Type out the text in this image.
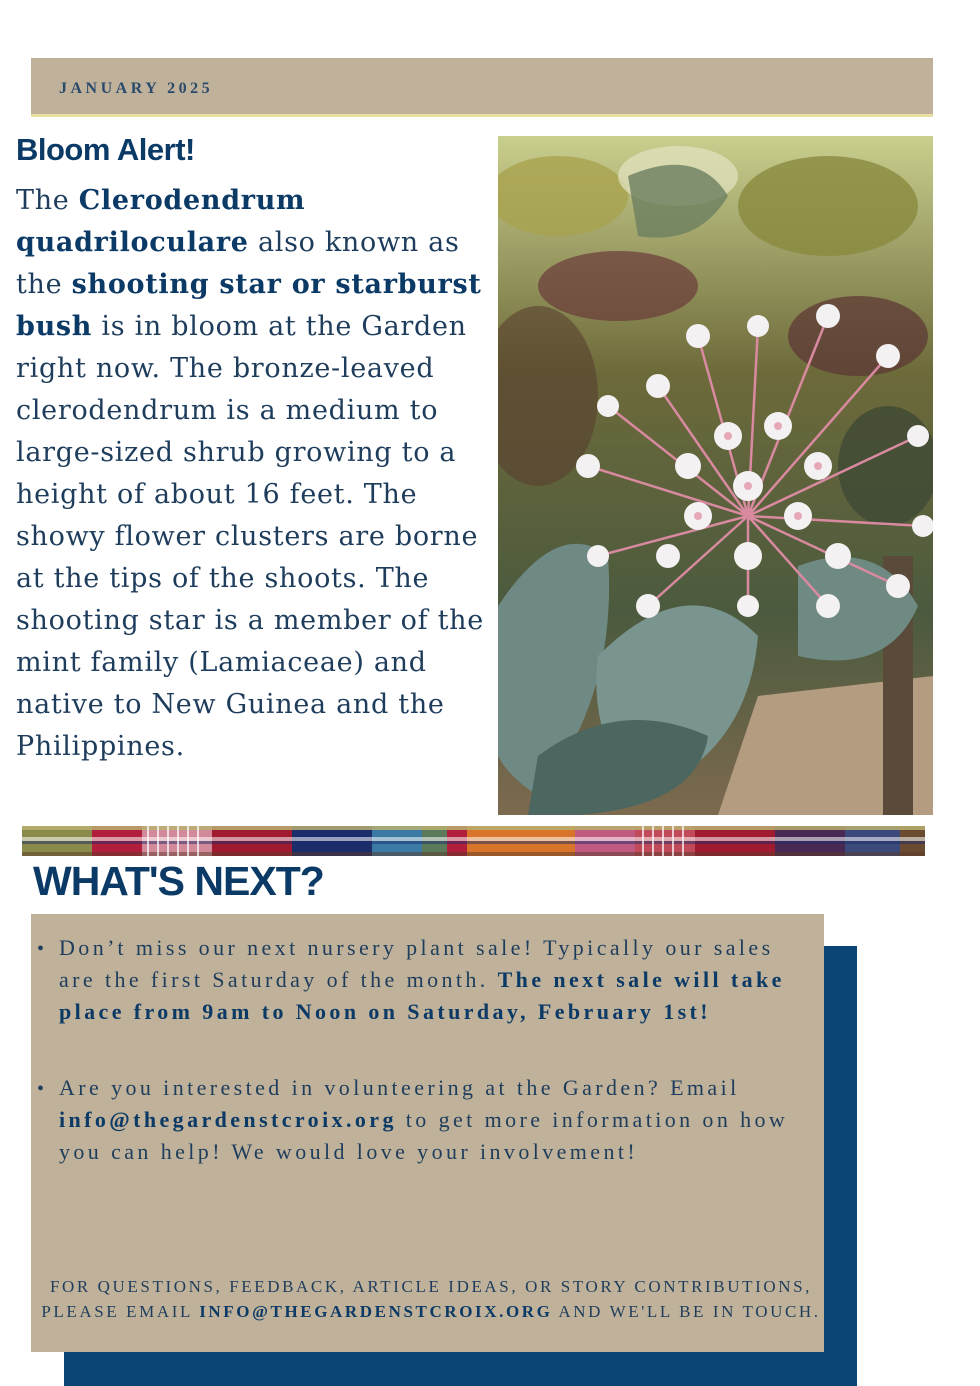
JANUARY 2025
Bloom Alert!

The Clerodendrum quadriloculare also known as the shooting star or starburst bush is in bloom at the Garden right now. The bronze-leaved clerodendrum is a medium to large-sized shrub growing to a height of about 16 feet. The showy flower clusters are borne at the tips of the shoots. The shooting star is a member of the mint family (Lamiaceae) and native to New Guinea and the Philippines.

WHAT'S NEXT?
• Don’t miss our next nursery plant sale! Typically our sales are the first Saturday of the month. The next sale will take place from 9am to Noon on Saturday, February 1st!
• Are you interested in volunteering at the Garden? Email info@thegardenstcroix.org to get more information on how you can help! We would love your involvement!
FOR QUESTIONS, FEEDBACK, ARTICLE IDEAS, OR STORY CONTRIBUTIONS, PLEASE EMAIL INFO@THEGARDENSTCROIX.ORG AND WE'LL BE IN TOUCH.
